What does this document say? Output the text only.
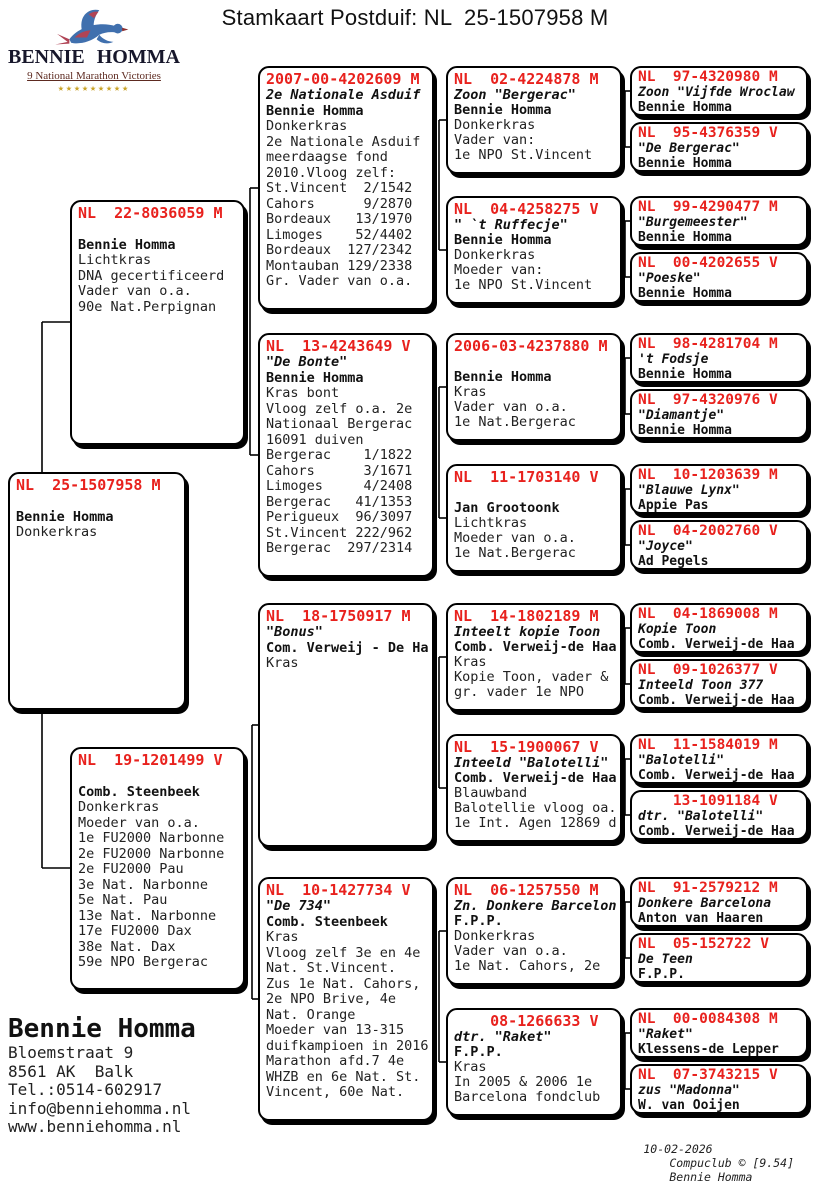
BENNIE HOMMA
9 National Marathon Victories
★★★★★★★★★
Stamkaart Postduif: NL  25-1507958 M
NL  25-1507958 M
Bennie Homma
Donkerkras
NL  22-8036059 M
Bennie Homma
Lichtkras
DNA gecertificeerd
Vader van o.a.
90e Nat.Perpignan
NL  19-1201499 V
Comb. Steenbeek
Donkerkras
Moeder van o.a.
1e FU2000 Narbonne
2e FU2000 Narbonne
2e FU2000 Pau
3e Nat. Narbonne
5e Nat. Pau
13e Nat. Narbonne
17e FU2000 Dax
38e Nat. Dax
59e NPO Bergerac
2007-00-4202609 M
2e Nationale Asduif
Bennie Homma
Donkerkras
2e Nationale Asduif
meerdaagse fond
2010.Vloog zelf:
St.Vincent  2/1542
Cahors      9/2870
Bordeaux   13/1970
Limoges    52/4402
Bordeaux  127/2342
Montauban 129/2338
Gr. Vader van o.a.
NL  13-4243649 V
"De Bonte"
Bennie Homma
Kras bont
Vloog zelf o.a. 2e
Nationaal Bergerac
16091 duiven
Bergerac    1/1822
Cahors      3/1671
Limoges     4/2408
Bergerac   41/1353
Perigueux  96/3097
St.Vincent 222/962
Bergerac  297/2314
NL  18-1750917 M
"Bonus"
Com. Verweij - De Ha
Kras
NL  10-1427734 V
"De 734"
Comb. Steenbeek
Kras
Vloog zelf 3e en 4e
Nat. St.Vincent.
Zus 1e Nat. Cahors,
2e NPO Brive, 4e
Nat. Orange
Moeder van 13-315
duifkampioen in 2016
Marathon afd.7 4e
WHZB en 6e Nat. St.
Vincent, 60e Nat.
NL  02-4224878 M
Zoon "Bergerac"
Bennie Homma
Donkerkras
Vader van:
1e NPO St.Vincent
NL  04-4258275 V
" `t Ruffecje"
Bennie Homma
Donkerkras
Moeder van:
1e NPO St.Vincent
2006-03-4237880 M
Bennie Homma
Kras
Vader van o.a.
1e Nat.Bergerac
NL  11-1703140 V
Jan Grootoonk
Lichtkras
Moeder van o.a.
1e Nat.Bergerac
NL  14-1802189 M
Inteelt kopie Toon
Comb. Verweij-de Haa
Kras
Kopie Toon, vader &
gr. vader 1e NPO
NL  15-1900067 V
Inteeld "Balotelli"
Comb. Verweij-de Haa
Blauwband
Balotellie vloog oa.
1e Int. Agen 12869 d
NL  06-1257550 M
Zn. Donkere Barcelon
F.P.P.
Donkerkras
Vader van o.a.
1e Nat. Cahors, 2e
08-1266633 V
dtr. "Raket"
F.P.P.
Kras
In 2005 & 2006 1e
Barcelona fondclub
NL  97-4320980 M
Zoon "Vijfde Wroclaw
Bennie Homma
NL  95-4376359 V
"De Bergerac"
Bennie Homma
NL  99-4290477 M
"Burgemeester"
Bennie Homma
NL  00-4202655 V
"Poeske"
Bennie Homma
NL  98-4281704 M
't Fodsje
Bennie Homma
NL  97-4320976 V
"Diamantje"
Bennie Homma
NL  10-1203639 M
"Blauwe Lynx"
Appie Pas
NL  04-2002760 V
"Joyce"
Ad Pegels
NL  04-1869008 M
Kopie Toon
Comb. Verweij-de Haa
NL  09-1026377 V
Inteeld Toon 377
Comb. Verweij-de Haa
NL  11-1584019 M
"Balotelli"
Comb. Verweij-de Haa
13-1091184 V
dtr. "Balotelli"
Comb. Verweij-de Haa
NL  91-2579212 M
Donkere Barcelona
Anton van Haaren
NL  05-152722 V
De Teen
F.P.P.
NL  00-0084308 M
"Raket"
Klessens-de Lepper
NL  07-3743215 V
zus "Madonna"
W. van Ooijen
Bennie Homma
Bloemstraat 9
8561 AK  Balk
Tel.:0514-602917
info@benniehomma.nl
www.benniehomma.nl

10-02-2026
Compuclub © [9.54]
Bennie Homma
